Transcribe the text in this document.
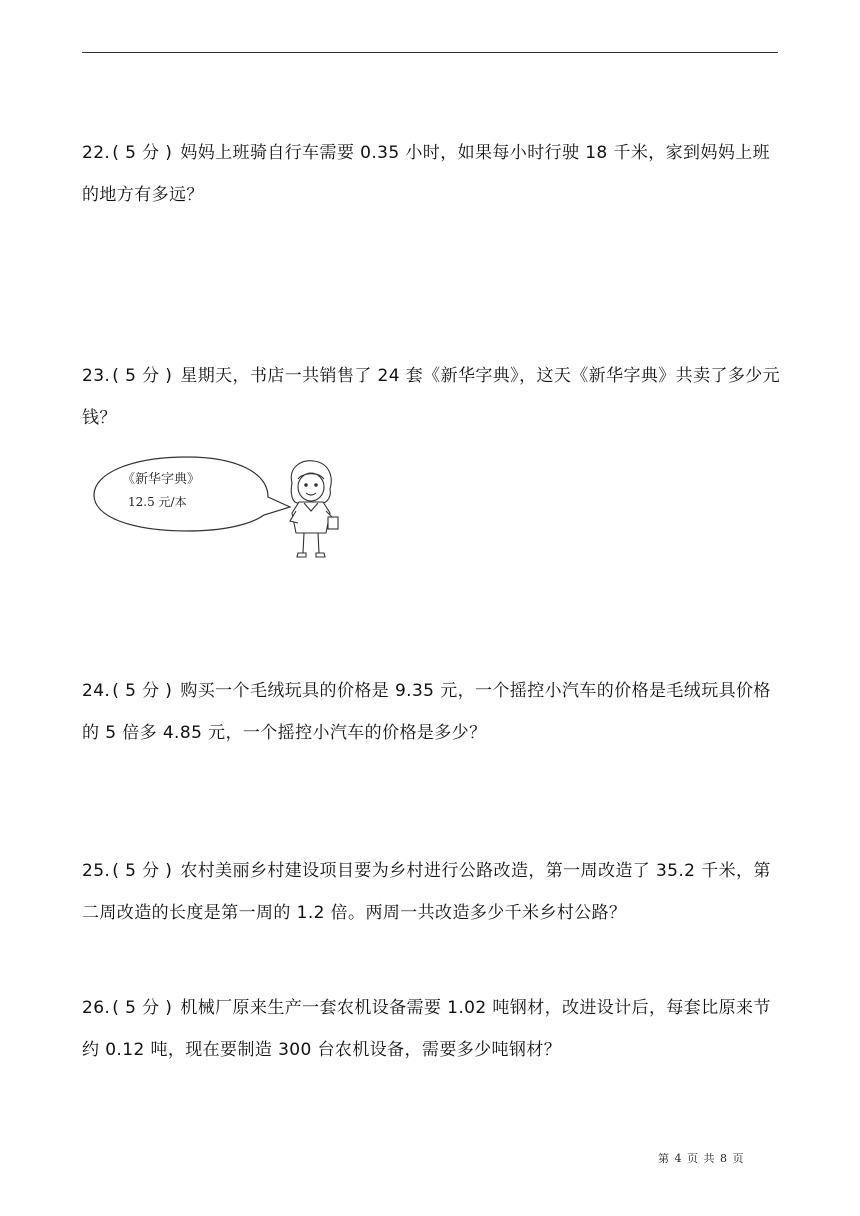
22. ( 5 分 ) 妈妈上班骑自行车需要 0.35 小时，如果每小时行驶 18 千米，家到妈妈上班的地方有多远？

23. ( 5 分 ) 星期天，书店一共销售了 24 套《新华字典》，这天《新华字典》共卖了多少元钱？

《新华字典》
12.5 元/本

24. ( 5 分 ) 购买一个毛绒玩具的价格是 9.35 元，一个摇控小汽车的价格是毛绒玩具价格的 5 倍多 4.85 元，一个摇控小汽车的价格是多少？

25. ( 5 分 ) 农村美丽乡村建设项目要为乡村进行公路改造，第一周改造了 35.2 千米，第二周改造的长度是第一周的 1.2 倍。两周一共改造多少千米乡村公路？

26. ( 5 分 ) 机械厂原来生产一套农机设备需要 1.02 吨钢材，改进设计后，每套比原来节约 0.12 吨，现在要制造 300 台农机设备，需要多少吨钢材？

第 4 页 共 8 页
